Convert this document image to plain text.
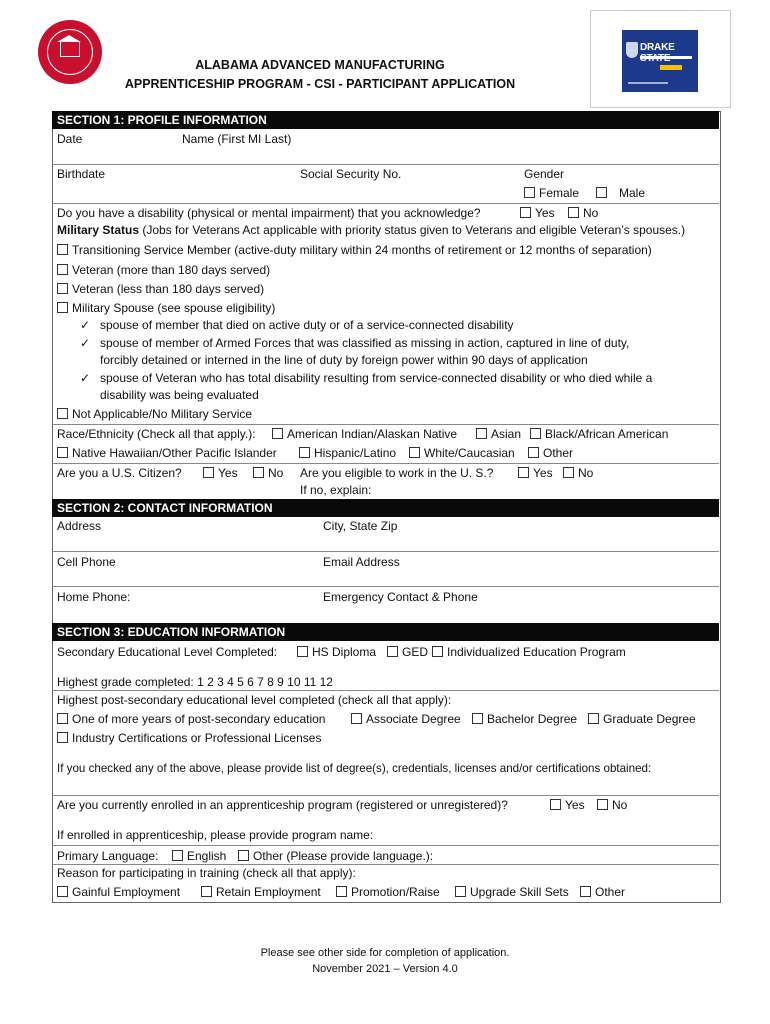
DRAKE
ALABAMA ADVANCED MANUFACTURING
APPRENTICESHIP PROGRAM - CSI - PARTICIPANT APPLICATION
SECTION 1: PROFILE INFORMATION
Date	Name (First MI Last)
Birthdate	Social Security No.	Gender
Female	Male
Do you have a disability (physical or mental impairment) that you acknowledge?	Yes	No
Military Status (Jobs for Veterans Act applicable with priority status given to Veterans and eligible Veteran’s spouses.)
Transitioning Service Member (active-duty military within 24 months of retirement or 12 months of separation)
Veteran (more than 180 days served)
Veteran (less than 180 days served)
Military Spouse (see spouse eligibility)
✓ spouse of member that died on active duty or of a service-connected disability
✓ spouse of member of Armed Forces that was classified as missing in action, captured in line of duty,
forcibly detained or interned in the line of duty by foreign power within 90 days of application
✓ spouse of Veteran who has total disability resulting from service-connected disability or who died while a
disability was being evaluated
Not Applicable/No Military Service
Race/Ethnicity (Check all that apply.):	American Indian/Alaskan Native	Asian	Black/African American
Native Hawaiian/Other Pacific Islander	Hispanic/Latino	White/Caucasian	Other
Are you a U.S. Citizen?	Yes	No Are you eligible to work in the U. S.?	Yes	No
If no, explain:
SECTION 2: CONTACT INFORMATION
Address	City, State Zip
Cell Phone	Email Address
Home Phone:	Emergency Contact & Phone
SECTION 3: EDUCATION INFORMATION
Secondary Educational Level Completed:	HS Diploma	GED	Individualized Education Program
Highest grade completed: 1 2 3 4 5 6 7 8 9 10 11 12
Highest post-secondary educational level completed (check all that apply):
One of more years of post-secondary education	Associate Degree	Bachelor Degree	Graduate Degree
Industry Certifications or Professional Licenses
If you checked any of the above, please provide list of degree(s), credentials, licenses and/or certifications obtained:
Are you currently enrolled in an apprenticeship program (registered or unregistered)?	Yes	No
If enrolled in apprenticeship, please provide program name:
Primary Language:	English	Other (Please provide language.):
Reason for participating in training (check all that apply):
Gainful Employment	Retain Employment	Promotion/Raise	Upgrade Skill Sets	Other
Please see other side for completion of application.
November 2021 – Version 4.0
